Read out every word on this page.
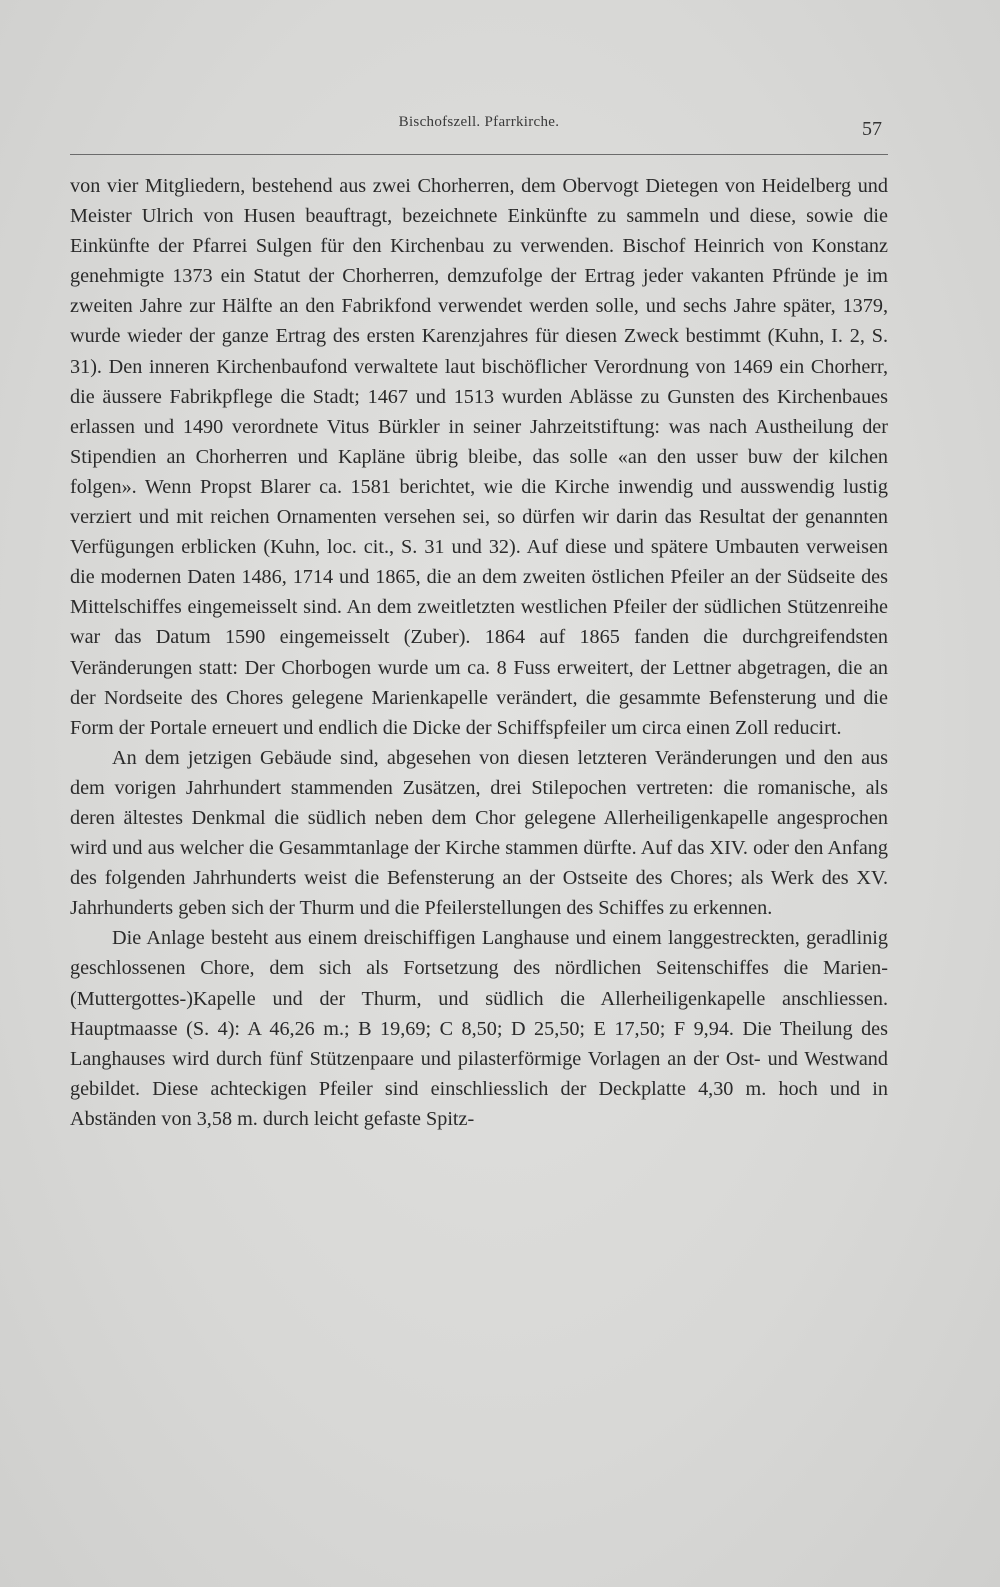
Bischofszell. Pfarrkirche.	57

von vier Mitgliedern, bestehend aus zwei Chorherren, dem Obervogt Dietegen von Heidelberg und Meister Ulrich von Husen beauftragt, bezeichnete Einkünfte zu sammeln und diese, sowie die Einkünfte der Pfarrei Sulgen für den Kirchenbau zu verwenden. Bischof Heinrich von Konstanz genehmigte 1373 ein Statut der Chorherren, demzufolge der Ertrag jeder vakanten Pfründe je im zweiten Jahre zur Hälfte an den Fabrikfond verwendet werden solle, und sechs Jahre später, 1379, wurde wieder der ganze Ertrag des ersten Karenzjahres für diesen Zweck bestimmt (Kuhn, I. 2, S. 31). Den inneren Kirchenbaufond verwaltete laut bischöflicher Verordnung von 1469 ein Chorherr, die äussere Fabrikpflege die Stadt; 1467 und 1513 wurden Ablässe zu Gunsten des Kirchenbaues erlassen und 1490 verordnete Vitus Bürkler in seiner Jahrzeitstiftung: was nach Austheilung der Stipendien an Chorherren und Kapläne übrig bleibe, das solle «an den usser buw der kilchen folgen». Wenn Propst Blarer ca. 1581 berichtet, wie die Kirche inwendig und ausswendig lustig verziert und mit reichen Ornamenten versehen sei, so dürfen wir darin das Resultat der genannten Verfügungen erblicken (Kuhn, loc. cit., S. 31 und 32). Auf diese und spätere Umbauten verweisen die modernen Daten 1486, 1714 und 1865, die an dem zweiten östlichen Pfeiler an der Südseite des Mittelschiffes eingemeisselt sind. An dem zweitletzten westlichen Pfeiler der südlichen Stützenreihe war das Datum 1590 eingemeisselt (Zuber). 1864 auf 1865 fanden die durchgreifendsten Veränderungen statt: Der Chorbogen wurde um ca. 8 Fuss erweitert, der Lettner abgetragen, die an der Nordseite des Chores gelegene Marienkapelle verändert, die gesammte Befensterung und die Form der Portale erneuert und endlich die Dicke der Schiffspfeiler um circa einen Zoll reducirt.

An dem jetzigen Gebäude sind, abgesehen von diesen letzteren Veränderungen und den aus dem vorigen Jahrhundert stammenden Zusätzen, drei Stilepochen vertreten: die romanische, als deren ältestes Denkmal die südlich neben dem Chor gelegene Allerheiligenkapelle angesprochen wird und aus welcher die Gesammtanlage der Kirche stammen dürfte. Auf das XIV. oder den Anfang des folgenden Jahrhunderts weist die Befensterung an der Ostseite des Chores; als Werk des XV. Jahrhunderts geben sich der Thurm und die Pfeilerstellungen des Schiffes zu erkennen.

Die Anlage besteht aus einem dreischiffigen Langhause und einem langgestreckten, geradlinig geschlossenen Chore, dem sich als Fortsetzung des nördlichen Seitenschiffes die Marien-(Muttergottes-)Kapelle und der Thurm, und südlich die Allerheiligenkapelle anschliessen. Hauptmaasse (S. 4): A 46,26 m.; B 19,69; C 8,50; D 25,50; E 17,50; F 9,94. Die Theilung des Langhauses wird durch fünf Stützenpaare und pilasterförmige Vorlagen an der Ost- und Westwand gebildet. Diese achteckigen Pfeiler sind einschliesslich der Deckplatte 4,30 m. hoch und in Abständen von 3,58 m. durch leicht gefaste Spitz-
